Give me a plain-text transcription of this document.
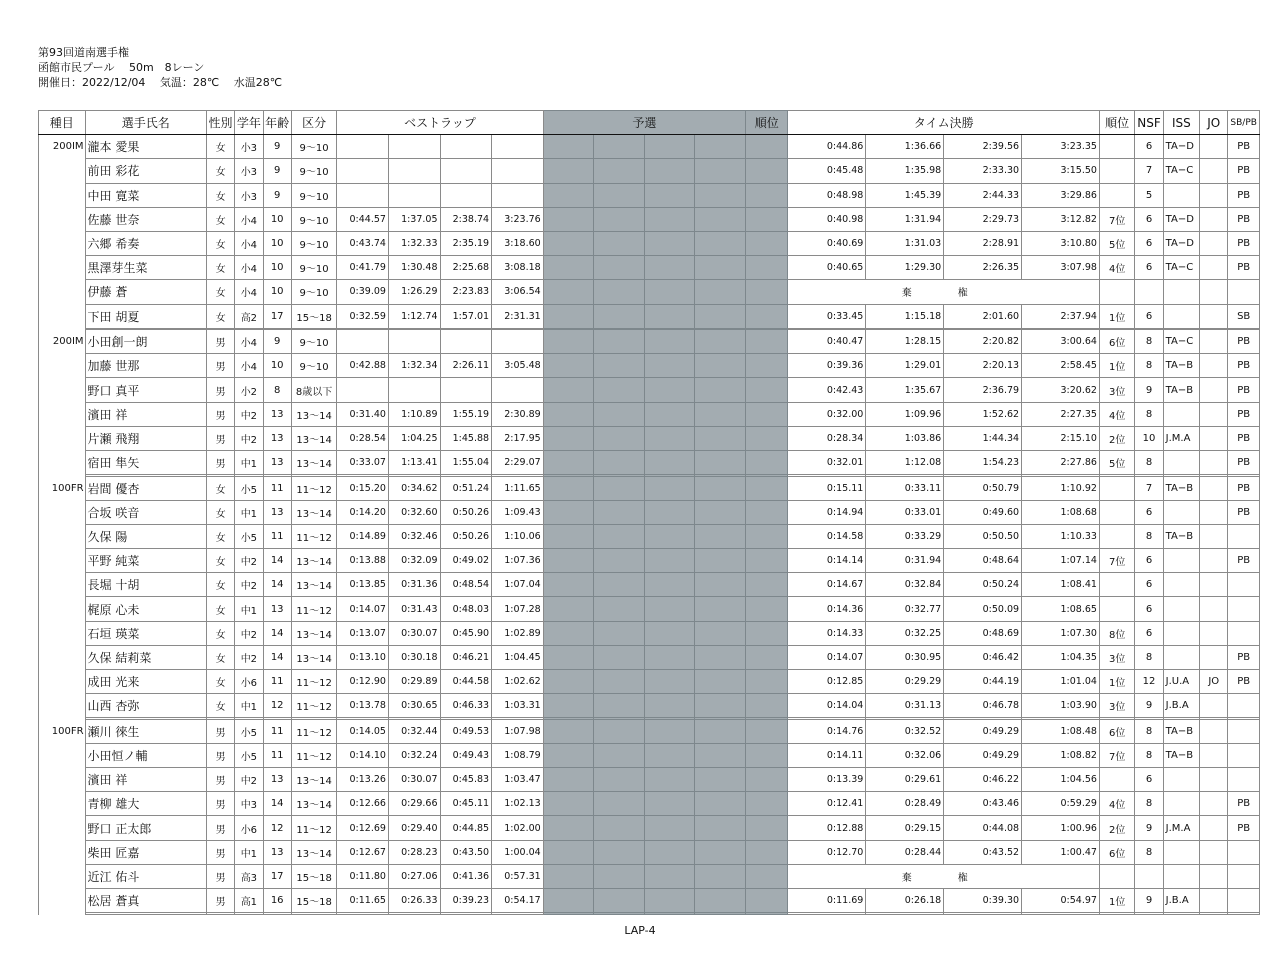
第93回道南選手権
函館市民プール　 50m　8レーン
開催日：2022/12/04　 気温：28℃　 水温28℃
種目	選手氏名	性別	学年	年齢	区分	ベストラップ				予選				順位	タイム決勝				順位	NSF	ISS	JO	SB/PB
200IM	瀧本 愛果	女	小3	9	9～10										0:44.86	1:36.66	2:39.56	3:23.35		6	TA−D		PB
	前田 彩花	女	小3	9	9～10										0:45.48	1:35.98	2:33.30	3:15.50		7	TA−C		PB
	中田 寛菜	女	小3	9	9～10										0:48.98	1:45.39	2:44.33	3:29.86		5			PB
	佐藤 世奈	女	小4	10	9～10	0:44.57	1:37.05	2:38.74	3:23.76						0:40.98	1:31.94	2:29.73	3:12.82	7位	6	TA−D		PB
	六郷 希奏	女	小4	10	9～10	0:43.74	1:32.33	2:35.19	3:18.60						0:40.69	1:31.03	2:28.91	3:10.80	5位	6	TA−D		PB
	黒澤芽生菜	女	小4	10	9～10	0:41.79	1:30.48	2:25.68	3:08.18						0:40.65	1:29.30	2:26.35	3:07.98	4位	6	TA−C		PB
	伊藤 蒼	女	小4	10	9～10	0:39.09	1:26.29	2:23.83	3:06.54						棄　権								
	下田 胡夏	女	高2	17	15～18	0:32.59	1:12.74	1:57.01	2:31.31						0:33.45	1:15.18	2:01.60	2:37.94	1位	6			SB

200IM	小田創一朗	男	小4	9	9～10										0:40.47	1:28.15	2:20.82	3:00.64	6位	8	TA−C		PB
	加藤 世那	男	小4	10	9～10	0:42.88	1:32.34	2:26.11	3:05.48						0:39.36	1:29.01	2:20.13	2:58.45	1位	8	TA−B		PB
	野口 真平	男	小2	8	8歳以下										0:42.43	1:35.67	2:36.79	3:20.62	3位	9	TA−B		PB
	濱田 祥	男	中2	13	13～14	0:31.40	1:10.89	1:55.19	2:30.89						0:32.00	1:09.96	1:52.62	2:27.35	4位	8			PB
	片瀬 飛翔	男	中2	13	13～14	0:28.54	1:04.25	1:45.88	2:17.95						0:28.34	1:03.86	1:44.34	2:15.10	2位	10	J.M.A		PB
	宿田 隼矢	男	中1	13	13～14	0:33.07	1:13.41	1:55.04	2:29.07						0:32.01	1:12.08	1:54.23	2:27.86	5位	8			PB

100FR	岩間 優杏	女	小5	11	11～12	0:15.20	0:34.62	0:51.24	1:11.65						0:15.11	0:33.11	0:50.79	1:10.92		7	TA−B		PB
	合坂 咲音	女	中1	13	13～14	0:14.20	0:32.60	0:50.26	1:09.43						0:14.94	0:33.01	0:49.60	1:08.68		6			PB
	久保 陽	女	小5	11	11～12	0:14.89	0:32.46	0:50.26	1:10.06						0:14.58	0:33.29	0:50.50	1:10.33		8	TA−B		
	平野 純菜	女	中2	14	13～14	0:13.88	0:32.09	0:49.02	1:07.36						0:14.14	0:31.94	0:48.64	1:07.14	7位	6			PB
	長堀 十胡	女	中2	14	13～14	0:13.85	0:31.36	0:48.54	1:07.04						0:14.67	0:32.84	0:50.24	1:08.41		6			
	梶原 心未	女	中1	13	11～12	0:14.07	0:31.43	0:48.03	1:07.28						0:14.36	0:32.77	0:50.09	1:08.65		6			
	石垣 瑛菜	女	中2	14	13～14	0:13.07	0:30.07	0:45.90	1:02.89						0:14.33	0:32.25	0:48.69	1:07.30	8位	6			
	久保 結莉菜	女	中2	14	13～14	0:13.10	0:30.18	0:46.21	1:04.45						0:14.07	0:30.95	0:46.42	1:04.35	3位	8			PB
	成田 光来	女	小6	11	11～12	0:12.90	0:29.89	0:44.58	1:02.62						0:12.85	0:29.29	0:44.19	1:01.04	1位	12	J.U.A	JO	PB
	山西 杏弥	女	中1	12	11～12	0:13.78	0:30.65	0:46.33	1:03.31						0:14.04	0:31.13	0:46.78	1:03.90	3位	9	J.B.A		

100FR	瀬川 徠生	男	小5	11	11～12	0:14.05	0:32.44	0:49.53	1:07.98						0:14.76	0:32.52	0:49.29	1:08.48	6位	8	TA−B		
	小田恒ノ輔	男	小5	11	11～12	0:14.10	0:32.24	0:49.43	1:08.79						0:14.11	0:32.06	0:49.29	1:08.82	7位	8	TA−B		
	濱田 祥	男	中2	13	13～14	0:13.26	0:30.07	0:45.83	1:03.47						0:13.39	0:29.61	0:46.22	1:04.56		6			
	青柳 雄大	男	中3	14	13～14	0:12.66	0:29.66	0:45.11	1:02.13						0:12.41	0:28.49	0:43.46	0:59.29	4位	8			PB
	野口 正太郎	男	小6	12	11～12	0:12.69	0:29.40	0:44.85	1:02.00						0:12.88	0:29.15	0:44.08	1:00.96	2位	9	J.M.A		PB
	柴田 匠嘉	男	中1	13	13～14	0:12.67	0:28.23	0:43.50	1:00.04						0:12.70	0:28.44	0:43.52	1:00.47	6位	8			
	近江 佑斗	男	高3	17	15～18	0:11.80	0:27.06	0:41.36	0:57.31						棄　権								
	松居 蒼真	男	高1	16	15～18	0:11.65	0:26.33	0:39.23	0:54.17						0:11.69	0:26.18	0:39.30	0:54.97	1位	9	J.B.A		

LAP-4
